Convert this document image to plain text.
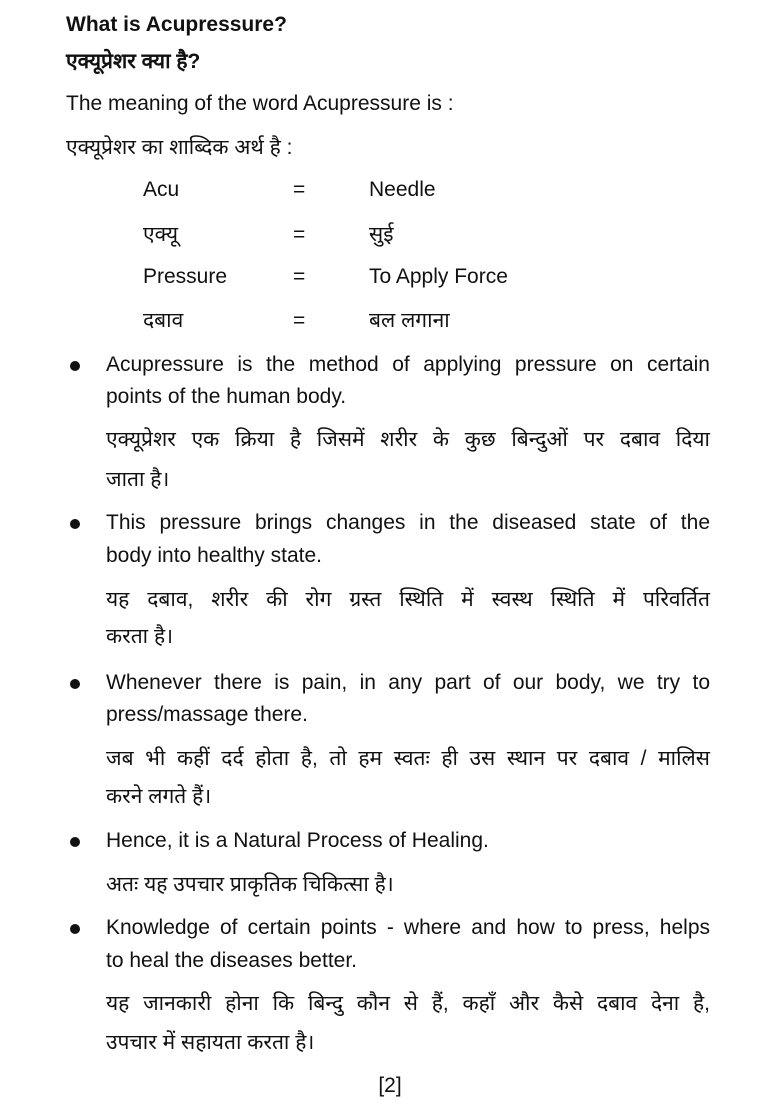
What is Acupressure?
एक्यूप्रेशर क्या है?
The meaning of the word Acupressure is :
एक्यूप्रेशर का शाब्दिक अर्थ है :
Acu	=	Needle
एक्यू	=	सुई
Pressure	=	To Apply Force
दबाव	=	बल लगाना
Acupressure is the method of applying pressure on certain
points of the human body.
एक्यूप्रेशर एक क्रिया है जिसमें शरीर के कुछ बिन्दुओं पर दबाव दिया
जाता है।
This pressure brings changes in the diseased state of the
body into healthy state.
यह दबाव, शरीर की रोग ग्रस्त स्थिति में स्वस्थ स्थिति में परिवर्तित
करता है।
Whenever there is pain, in any part of our body, we try to
press/massage there.
जब भी कहीं दर्द होता है, तो हम स्वतः ही उस स्थान पर दबाव / मालिस
करने लगते हैं।
Hence, it is a Natural Process of Healing.
अतः यह उपचार प्राकृतिक चिकित्सा है।
Knowledge of certain points - where and how to press, helps
to heal the diseases better.
यह जानकारी होना कि बिन्दु कौन से हैं, कहाँ और कैसे दबाव देना है,
उपचार में सहायता करता है।
[2]
